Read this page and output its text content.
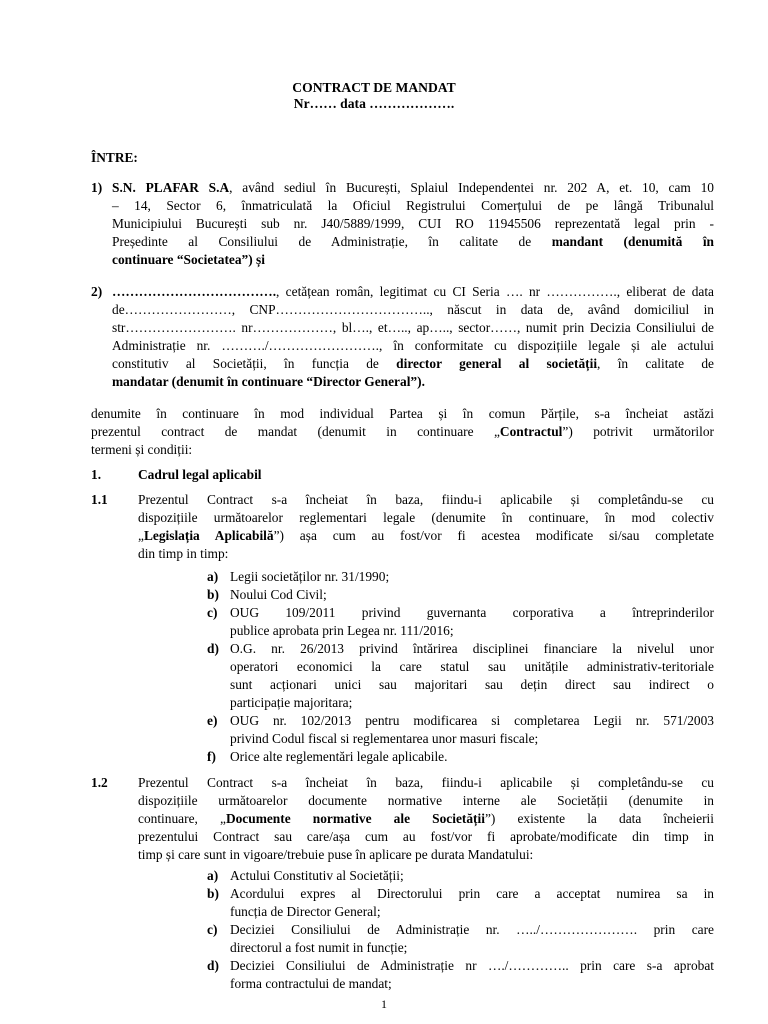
CONTRACT DE MANDAT
Nr…… data ……………….
ÎNTRE:
1) S.N. PLAFAR S.A, având sediul în București, Splaiul Independentei nr. 202 A, et. 10, cam 10
– 14, Sector 6, înmatriculată la Oficiul Registrului Comerțului de pe lângă Tribunalul
Municipiului București sub nr. J40/5889/1999, CUI RO 11945506 reprezentată legal prin -
Președinte al Consiliului de Administrație, în calitate de mandant (denumită în
continuare “Societatea”) și
2) ………………………………., cetățean român, legitimat cu CI Seria …. nr ……………., eliberat de data
de……………………, CNP…………………………….., născut in data de, având domiciliul in
str……………………. nr………………, bl…., et….., ap….., sector……, numit prin Decizia Consiliului de
Administrație nr. ………./……………………., în conformitate cu dispozițiile legale și ale actului
constitutiv al Societății, în funcția de director general al societății, în calitate de
mandatar (denumit în continuare “Director General”).
denumite în continuare în mod individual Partea și în comun Părțile, s-a încheiat astăzi
prezentul contract de mandat (denumit in continuare „Contractul”) potrivit următorilor
termeni și condiții:
1.	Cadrul legal aplicabil
1.1 Prezentul Contract s-a încheiat în baza, fiindu-i aplicabile și completându-se cu
dispozițiile următoarelor reglementari legale (denumite în continuare, în mod colectiv
„Legislația Aplicabilă”) așa cum au fost/vor fi acestea modificate si/sau completate
din timp in timp:
a) Legii societăților nr. 31/1990;
b) Noului Cod Civil;
c) OUG 109/2011 privind guvernanta corporativa a întreprinderilor
publice aprobata prin Legea nr. 111/2016;
d) O.G. nr. 26/2013 privind întărirea disciplinei financiare la nivelul unor
operatori economici la care statul sau unitățile administrativ-teritoriale
sunt acționari unici sau majoritari sau dețin direct sau indirect o
participație majoritara;
e) OUG nr. 102/2013 pentru modificarea si completarea Legii nr. 571/2003
privind Codul fiscal si reglementarea unor masuri fiscale;
f) Orice alte reglementări legale aplicabile.
1.2 Prezentul Contract s-a încheiat în baza, fiindu-i aplicabile și completându-se cu
dispozițiile următoarelor documente normative interne ale Societății (denumite in
continuare, „Documente normative ale Societății”) existente la data încheierii
prezentului Contract sau care/așa cum au fost/vor fi aprobate/modificate din timp in
timp și care sunt in vigoare/trebuie puse în aplicare pe durata Mandatului:
a) Actului Constitutiv al Societății;
b) Acordului expres al Directorului prin care a acceptat numirea sa in
funcția de Director General;
c) Deciziei Consiliului de Administrație nr. …../…………………. prin care
directorul a fost numit in funcție;
d) Deciziei Consiliului de Administrație nr …./………….. prin care s-a aprobat
forma contractului de mandat;
1
